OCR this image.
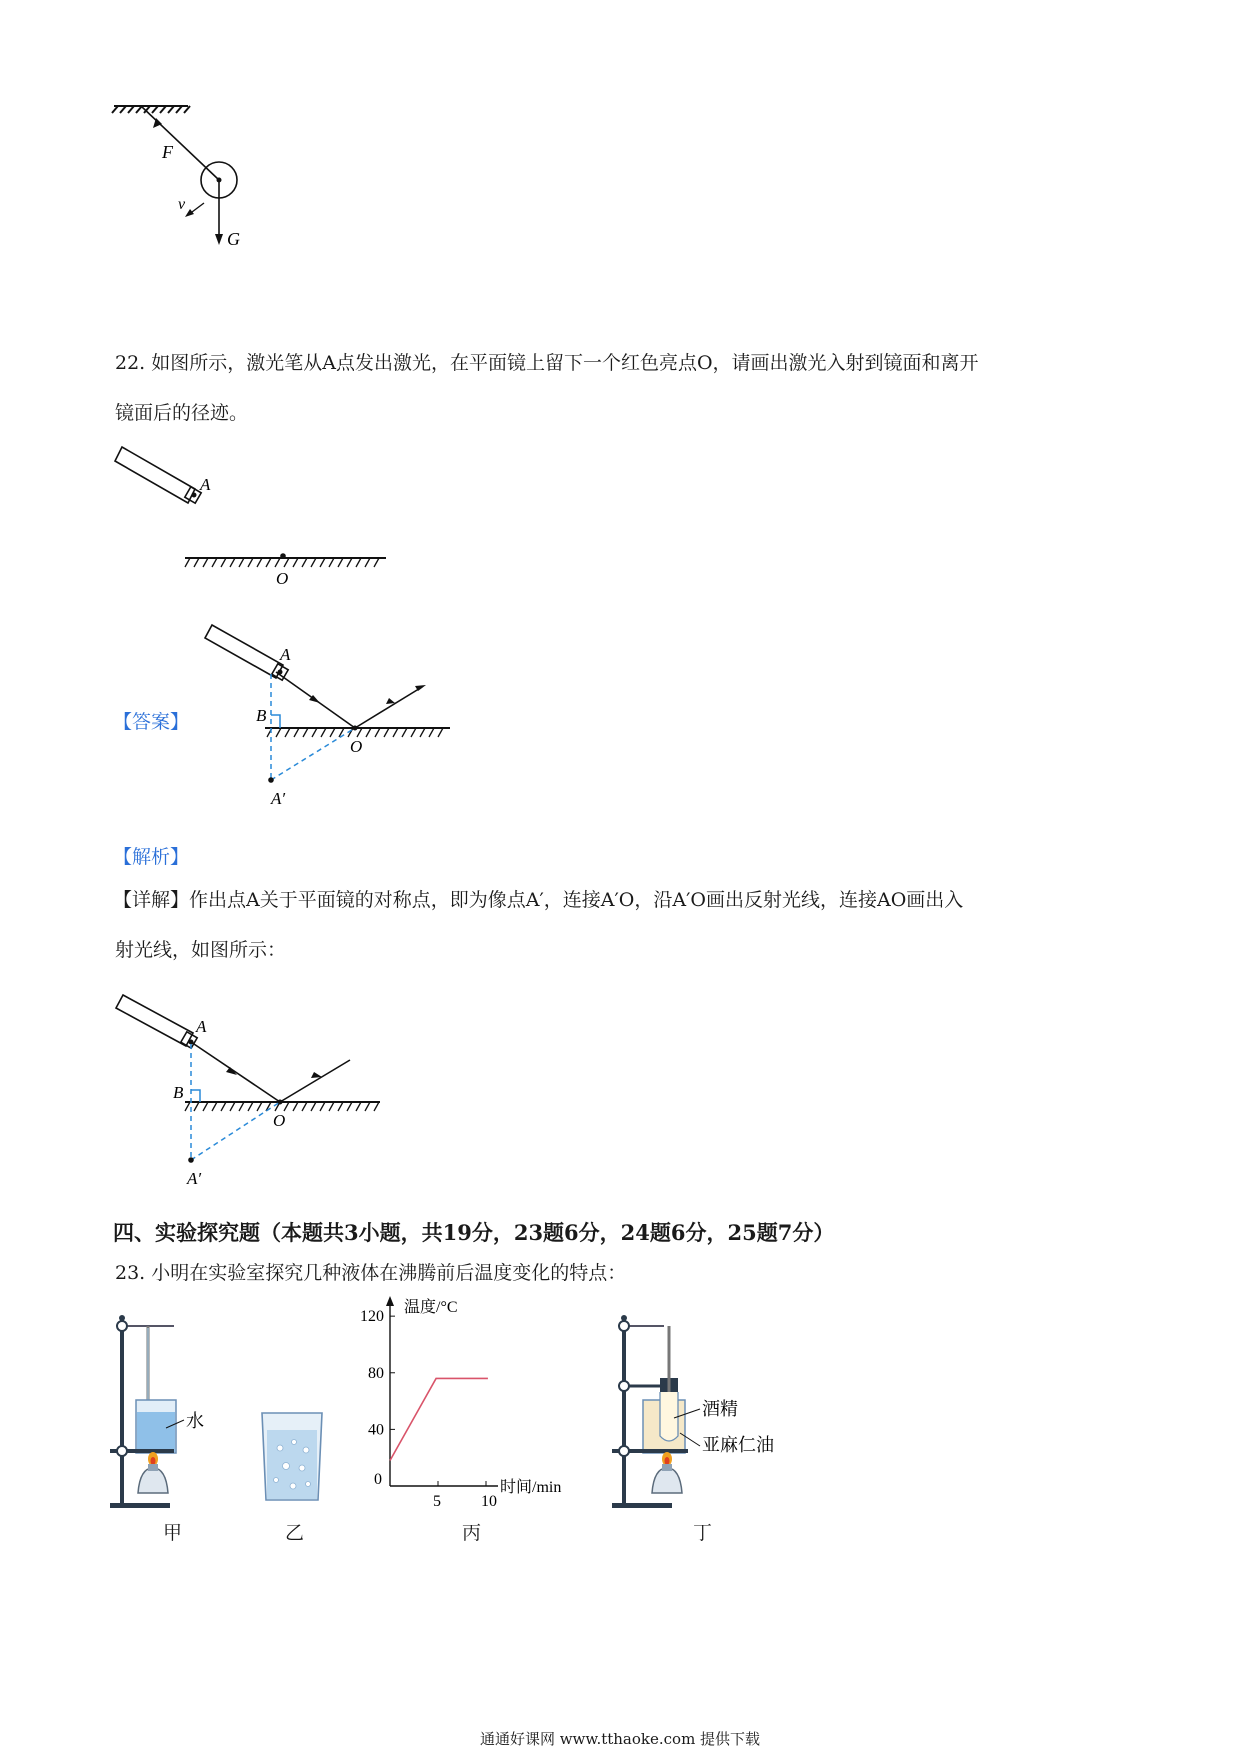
F
v
G
22. 如图所示，激光笔从A点发出激光，在平面镜上留下一个红色亮点O，请画出激光入射到镜面和离开
镜面后的径迹。
A
O
【答案】
A
B
O
A′
【解析】
【详解】作出点A关于平面镜的对称点，即为像点A′，连接A′O，沿A′O画出反射光线，连接AO画出入
射光线，如图所示：
A
B
O
A′
四、实验探究题（本题共3小题，共19分，23题6分，24题6分，25题7分）
23. 小明在实验室探究几种液体在沸腾前后温度变化的特点：
水
温度/°C
时间/min
0
5	10
120
80
40
酒精
亚麻仁油
甲	乙	丙	丁
通通好课网 www.tthaoke.com 提供下载
